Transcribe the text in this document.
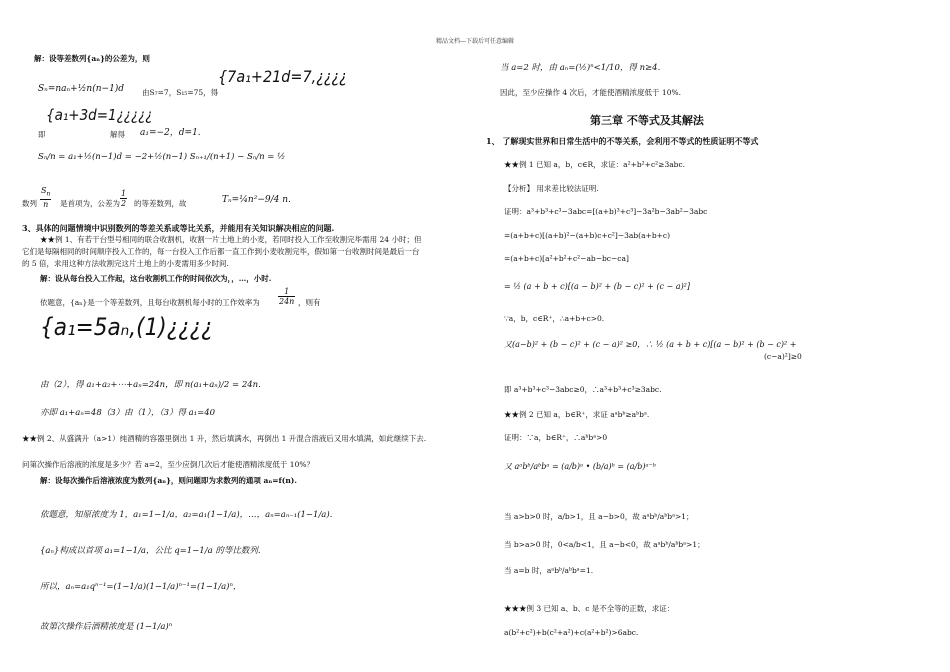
精品文档---下载后可任意编辑
解：设等差数列{aₙ}的公差为，则
Sₙ=naₙ+½n(n−1)d 由S₇=7，S₁₅=75，得
{7a₁+21d=7,¿¿¿¿
{a₁+3d=1¿¿¿¿¿
即	解得 a₁=−2，d=1.
Sₙ/n = a₁+½(n−1)d = −2+½(n−1) Sₙ₊₁/(n+1) − Sₙ/n = ½
数列 $\frac{S_n}{n}$ 是首项为，公差为 $\frac{1}{2}$ 的等差数列，故	Tₙ=¼n²−9/4 n.
3、具体的问题情境中识别数列的等差关系或等比关系，并能用有关知识解决相应的问题.
★★例 1、有若干台型号相同的联合收割机，收割一片土地上的小麦，若同时投入工作至收割完毕需用 24 小时；但
它们是每隔相同的时间顺序投入工作的，每一台投入工作后都一直工作到小麦收割完毕，假如第一台收割时间是最后一台
的 5 倍，求用这种方法收割完这片土地上的小麦需用多少时间.
解：设从每台投入工作起，这台收割机工作的时间依次为，，…，小时.
依题意，{aₙ}是一个等差数列，且每台收割机每小时的工作效率为 $\frac{1}{24n}$ ，则有
{a₁=5aₙ,(1)¿¿¿¿
由（2），得 a₁+a₂+⋯+aₙ=24n，即 n(a₁+aₙ)/2 = 24n.
亦即 a₁+aₙ=48（3）由（1），（3）得 a₁=40
★★例 2、从盛满升（a>1）纯酒精的容器里倒出 1 升，然后填满水，再倒出 1 升混合溶液后又用水填满，如此继续下去.
问第次操作后溶液的浓度是多少？若 a=2，至少应倒几次后才能使酒精浓度低于 10%？
解：设每次操作后溶液浓度为数列{aₙ}，则问题即为求数列的通项 aₙ=f(n).
依题意，知原浓度为 1，a₁=1−1/a，a₂=a₁(1−1/a)，…，aₙ=aₙ₋₁(1−1/a).
{aₙ}构成以首项 a₁=1−1/a，公比 q=1−1/a 的等比数列.
所以，aₙ=a₁qⁿ⁻¹=(1−1/a)(1−1/a)ⁿ⁻¹=(1−1/a)ⁿ，
故第次操作后酒精浓度是 (1−1/a)ⁿ
当 a=2 时，由 aₙ=(½)ⁿ<1/10，得 n≥4.
因此，至少应操作 4 次后，才能使酒精浓度低于 10%.
第三章 不等式及其解法
1、 了解现实世界和日常生活中的不等关系，会利用不等式的性质证明不等式
★★例 1 已知 a，b，c∈R，求证：a²+b²+c²≥3abc.
【分析】 用求差比较法证明.
证明：a³+b³+c³−3abc=[(a+b)³+c³]−3a²b−3ab²−3abc
=(a+b+c)[(a+b)²−(a+b)c+c²]−3ab(a+b+c)
=(a+b+c)[a²+b²+c²−ab−bc−ca]
= ½ (a + b + c)[(a − b)² + (b − c)² + (c − a)²]
∵a，b，c∈R⁺，∴a+b+c>0.
又(a−b)² + (b − c)² + (c − a)² ≥0，∴ ½ (a + b + c)[(a − b)² + (b − c)² +
(c−a)²]≥0
即 a³+b³+c³−3abc≥0，∴a³+b³+c³≥3abc.
★★例 2 已知 a，b∈R⁺，求证 aᵃbᵇ≥aᵇbᵃ.
证明：∵a，b∈R⁺，∴aᵇbᵃ>0
又 aᵃbᵇ/aᵇbᵃ = (a/b)ᵃ • (b/a)ᵇ = (a/b)ᵃ⁻ᵇ
当 a>b>0 时，a/b>1，且 a−b>0，故 aᵃbᵇ/aᵇbᵃ>1；
当 b>a>0 时，0<a/b<1，且 a−b<0，故 aᵃbᵇ/aᵇbᵃ>1；
当 a=b 时，aᵃbᵇ/aᵇbᵃ=1.
★★★例 3 已知 a、b、c 是不全等的正数，求证：
a(b²+c²)+b(c²+a²)+c(a²+b²)>6abc.
